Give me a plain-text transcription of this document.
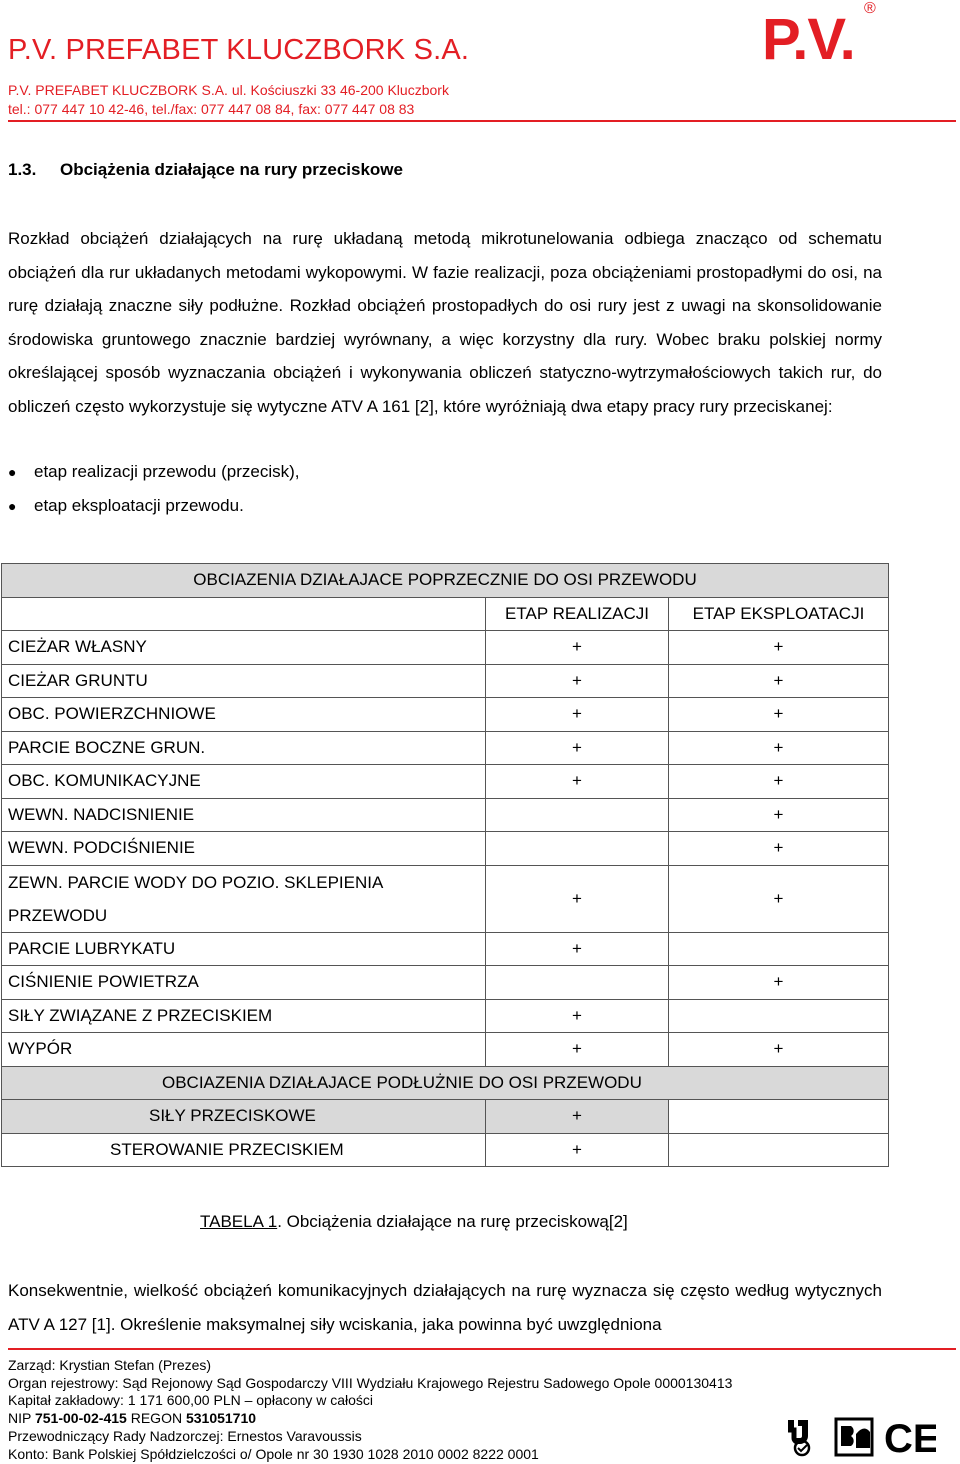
P.V. PREFABET KLUCZBORK S.A.
P.V. PREFABET KLUCZBORK S.A. ul. Kościuszki 33 46-200 Kluczbork
tel.: 077 447 10 42-46, tel./fax: 077 447 08 84, fax: 077 447 08 83
P.V. ®
1.3. Obciążenia działające na rury przeciskowe
Rozkład obciążeń działających na rurę układaną metodą mikrotunelowania odbiega znacząco od schematu obciążeń dla rur układanych metodami wykopowymi. W fazie realizacji, poza obciążeniami prostopadłymi do osi, na rurę działają znaczne siły podłużne. Rozkład obciążeń prostopadłych do osi rury jest z uwagi na skonsolidowanie środowiska gruntowego znacznie bardziej wyrównany, a więc korzystny dla rury. Wobec braku polskiej normy określającej sposób wyznaczania obciążeń i wykonywania obliczeń statyczno-wytrzymałościowych takich rur, do obliczeń często wykorzystuje się wytyczne ATV A 161 [2], które wyróżniają dwa etapy pracy rury przeciskanej:
● etap realizacji przewodu (przecisk),
● etap eksploatacji przewodu.
OBCIAZENIA DZIAŁAJACE POPRZECZNIE DO OSI PRZEWODU		
	ETAP REALIZACJI	ETAP EKSPLOATACJI
CIEŻAR WŁASNY	+	+
CIEŻAR GRUNTU	+	+
OBC. POWIERZCHNIOWE	+	+
PARCIE BOCZNE GRUN.	+	+
OBC. KOMUNIKACYJNE	+	+
WEWN. NADCISNIENIE		+
WEWN. PODCIŚNIENIE		+
ZEWN. PARCIE WODY DO POZIO. SKLEPIENIA PRZEWODU	+	+
PARCIE LUBRYKATU	+	
CIŚNIENIE POWIETRZA		+
SIŁY ZWIĄZANE Z PRZECISKIEM	+	
WYPÓR	+	+
OBCIAZENIA DZIAŁAJACE PODŁUŻNIE DO OSI PRZEWODU		
SIŁY PRZECISKOWE	+	
STEROWANIE PRZECISKIEM	+	
TABELA 1. Obciążenia działające na rurę przeciskową[2]
Konsekwentnie, wielkość obciążeń komunikacyjnych działających na rurę wyznacza się często według wytycznych ATV A 127 [1]. Określenie maksymalnej siły wciskania, jaka powinna być uwzględniona
Zarząd: Krystian Stefan (Prezes)
Organ rejestrowy: Sąd Rejonowy Sąd Gospodarczy VIII Wydziału Krajowego Rejestru Sadowego Opole 0000130413
Kapitał zakładowy: 1 171 600,00 PLN – opłacony w całości
NIP 751-00-02-415 REGON 531051710
Przewodniczący Rady Nadzorczej: Ernestos Varavoussis
Konto: Bank Polskiej Spółdzielczości o/ Opole nr 30 1930 1028 2010 0002 8222 0001	CE
